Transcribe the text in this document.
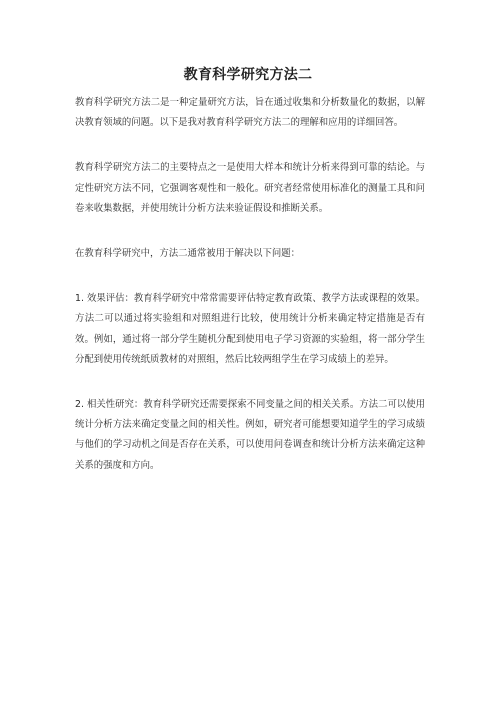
教育科学研究方法二

教育科学研究方法二是一种定量研究方法，旨在通过收集和分析数量化的数据，以解决教育领域的问题。以下是我对教育科学研究方法二的理解和应用的详细回答。

教育科学研究方法二的主要特点之一是使用大样本和统计分析来得到可靠的结论。与定性研究方法不同，它强调客观性和一般化。研究者经常使用标准化的测量工具和问卷来收集数据，并使用统计分析方法来验证假设和推断关系。

在教育科学研究中，方法二通常被用于解决以下问题：

1. 效果评估：教育科学研究中常常需要评估特定教育政策、教学方法或课程的效果。方法二可以通过将实验组和对照组进行比较，使用统计分析来确定特定措施是否有效。例如，通过将一部分学生随机分配到使用电子学习资源的实验组，将一部分学生分配到使用传统纸质教材的对照组，然后比较两组学生在学习成绩上的差异。

2. 相关性研究：教育科学研究还需要探索不同变量之间的相关关系。方法二可以使用统计分析方法来确定变量之间的相关性。例如，研究者可能想要知道学生的学习成绩与他们的学习动机之间是否存在关系，可以使用问卷调查和统计分析方法来确定这种关系的强度和方向。
